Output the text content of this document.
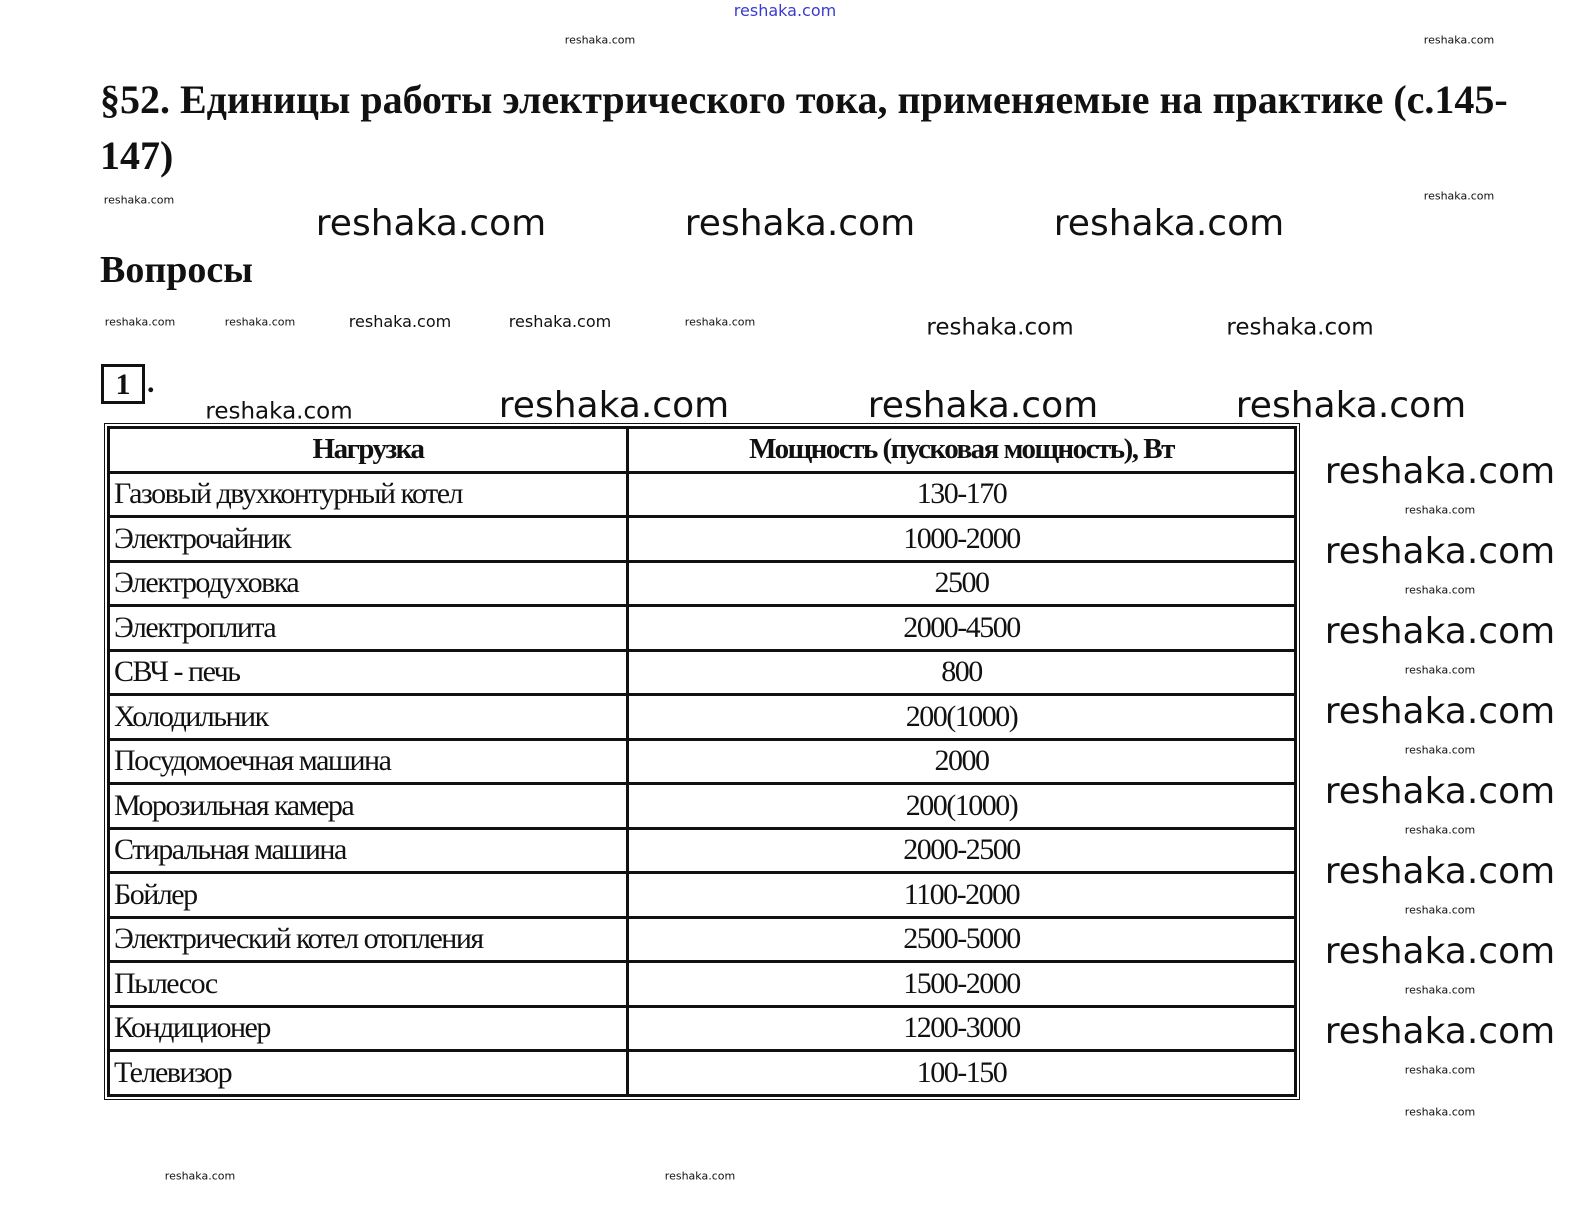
§52. Единицы работы электрического тока, применяемые на практике (с.145-147)
Вопросы
1 .
Нагрузка	Мощность (пусковая мощность), Вт
Газовый двухконтурный котел	130-170
Электрочайник	1000-2000
Электродуховка	2500
Электроплита	2000-4500
СВЧ - печь	800
Холодильник	200(1000)
Посудомоечная машина	2000
Морозильная камера	200(1000)
Стиральная машина	2000-2500
Бойлер	1100-2000
Электрический котел отопления	2500-5000
Пылесос	1500-2000
Кондиционер	1200-3000
Телевизор	100-150
reshaka.com
reshaka.com	reshaka.com
reshaka.com
reshaka.com
reshaka.com	reshaka.com	reshaka.com
reshaka.com	reshaka.com	reshaka.com	reshaka.com	reshaka.com	reshaka.com	reshaka.com
reshaka.com	reshaka.com	reshaka.com	reshaka.com
reshaka.com
reshaka.com
reshaka.com
reshaka.com
reshaka.com
reshaka.com
reshaka.com
reshaka.com
reshaka.com
reshaka.com
reshaka.com
reshaka.com
reshaka.com
reshaka.com
reshaka.com
reshaka.com
reshaka.com
reshaka.com	reshaka.com
